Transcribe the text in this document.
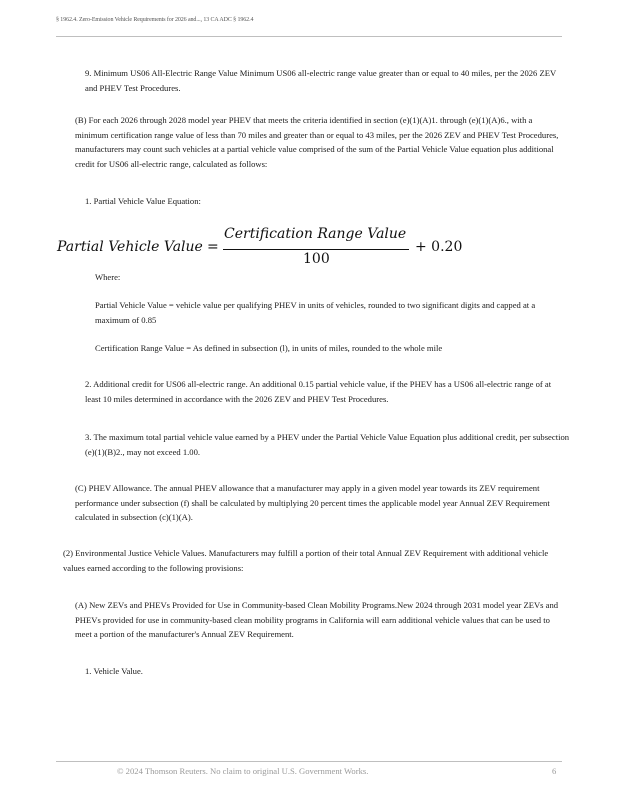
§ 1962.4. Zero-Emission Vehicle Requirements for 2026 and..., 13 CA ADC § 1962.4

9. Minimum US06 All-Electric Range Value Minimum US06 all-electric range value greater than or equal to 40 miles, per the 2026 ZEV and PHEV Test Procedures.

(B) For each 2026 through 2028 model year PHEV that meets the criteria identified in section (e)(1)(A)1. through (e)(1)(A)6., with a minimum certification range value of less than 70 miles and greater than or equal to 43 miles, per the 2026 ZEV and PHEV Test Procedures, manufacturers may count such vehicles at a partial vehicle value comprised of the sum of the Partial Vehicle Value equation plus additional credit for US06 all-electric range, calculated as follows:

1. Partial Vehicle Value Equation:

Partial Vehicle Value =
Certification Range Value
100
+ 0.20

Where:

Partial Vehicle Value = vehicle value per qualifying PHEV in units of vehicles, rounded to two significant digits and capped at a maximum of 0.85

Certification Range Value = As defined in subsection (l), in units of miles, rounded to the whole mile

2. Additional credit for US06 all-electric range. An additional 0.15 partial vehicle value, if the PHEV has a US06 all-electric range of at least 10 miles determined in accordance with the 2026 ZEV and PHEV Test Procedures.

3. The maximum total partial vehicle value earned by a PHEV under the Partial Vehicle Value Equation plus additional credit, per subsection (e)(1)(B)2., may not exceed 1.00.

(C) PHEV Allowance. The annual PHEV allowance that a manufacturer may apply in a given model year towards its ZEV requirement performance under subsection (f) shall be calculated by multiplying 20 percent times the applicable model year Annual ZEV Requirement calculated in subsection (c)(1)(A).

(2) Environmental Justice Vehicle Values. Manufacturers may fulfill a portion of their total Annual ZEV Requirement with additional vehicle values earned according to the following provisions:

(A) New ZEVs and PHEVs Provided for Use in Community-based Clean Mobility Programs.New 2024 through 2031 model year ZEVs and PHEVs provided for use in community-based clean mobility programs in California will earn additional vehicle values that can be used to meet a portion of the manufacturer's Annual ZEV Requirement.

1. Vehicle Value.

© 2024 Thomson Reuters. No claim to original U.S. Government Works.	6
